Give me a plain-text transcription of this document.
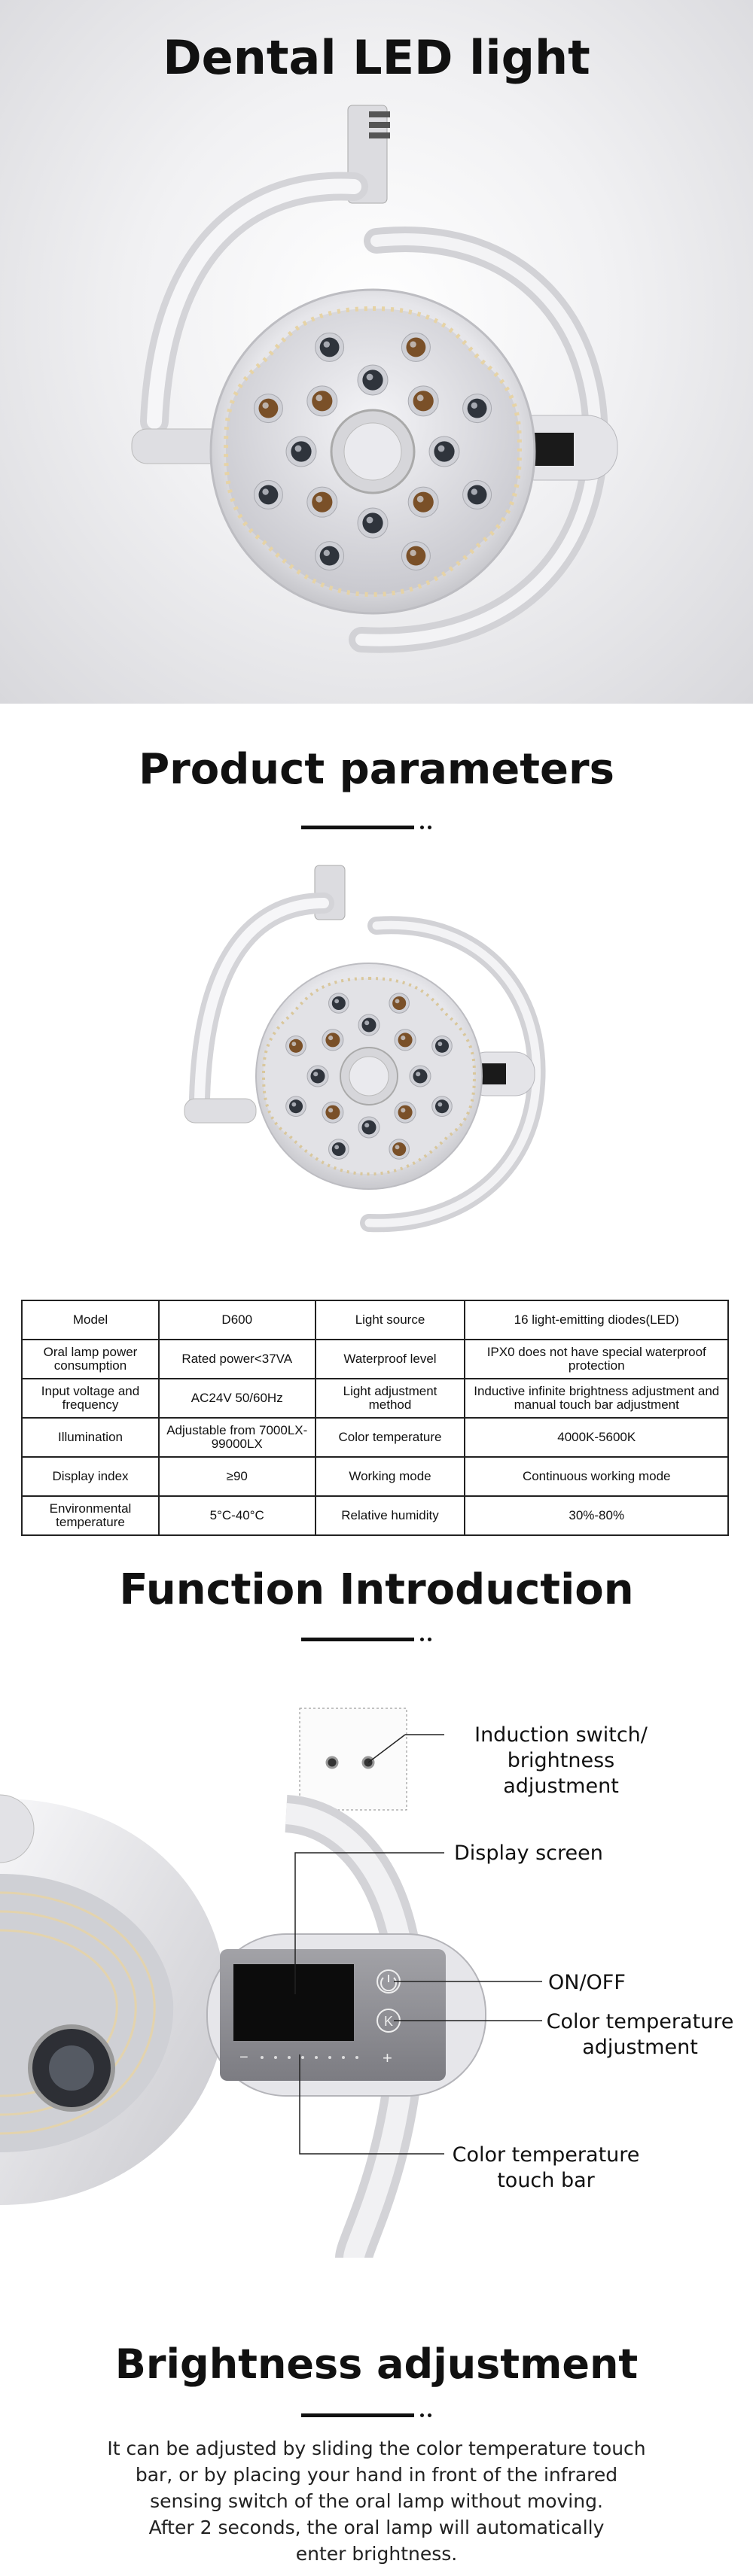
Dental LED light
Product parameters
Model	D600	Light source	16 light-emitting diodes(LED)
Oral lamp power consumption	Rated power<37VA	Waterproof level	IPX0 does not have special waterproof protection
Input voltage and frequency	AC24V 50/60Hz	Light adjustment method	Inductive infinite brightness adjustment and manual touch bar adjustment
Illumination	Adjustable from 7000LX-99000LX	Color temperature	4000K-5600K
Display index	≥90	Working mode	Continuous working mode
Environmental temperature	5°C-40°C	Relative humidity	30%-80%
Function Introduction
K
−	+
Induction switch/
brightness adjustment
Display screen
ON/OFF
Color temperature
adjustment
Color temperature
touch bar
Brightness adjustment
It can be adjusted by sliding the color temperature touch
bar, or by placing your hand in front of the infrared
sensing switch of the oral lamp without moving.
After 2 seconds, the oral lamp will automatically
enter brightness.
